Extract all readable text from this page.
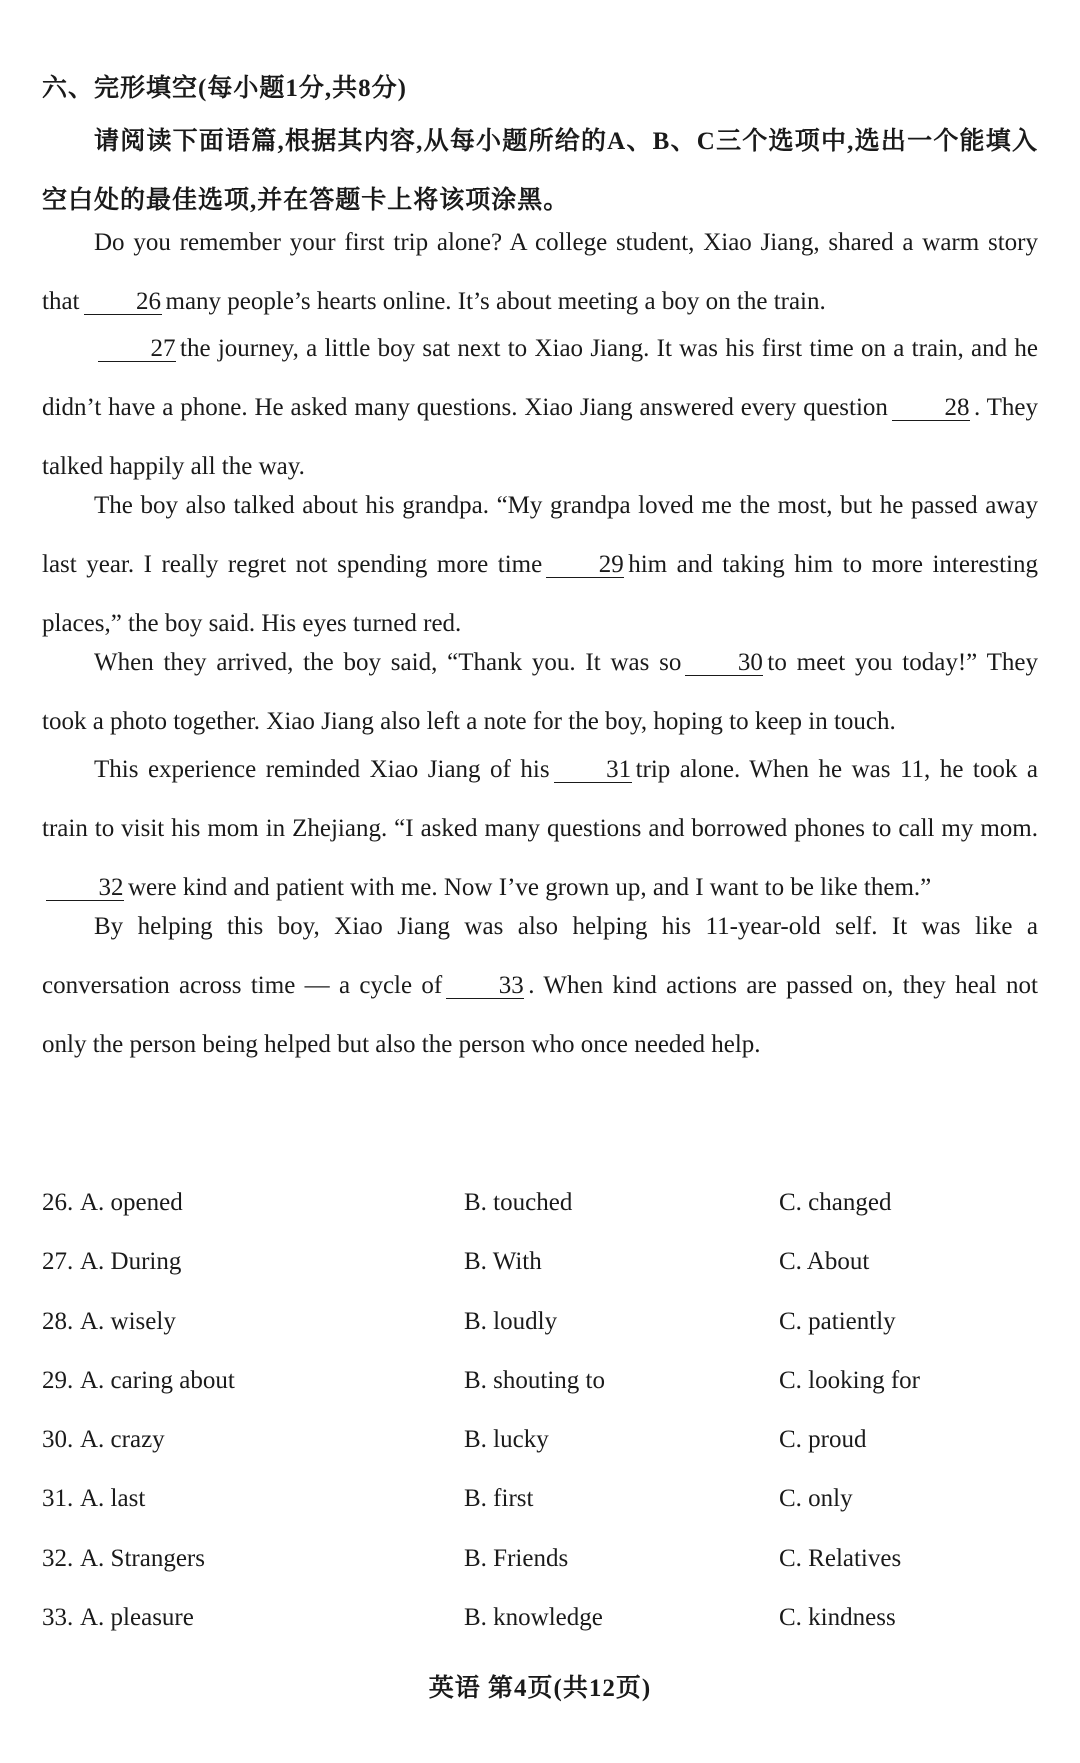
六、完形填空(每小题1分,共8分)

请阅读下面语篇,根据其内容,从每小题所给的A、B、C三个选项中,选出一个能填入空白处的最佳选项,并在答题卡上将该项涂黑。

Do you remember your first trip alone? A college student, Xiao Jiang, shared a warm story that 26 many people’s hearts online. It’s about meeting a boy on the train.

27 the journey, a little boy sat next to Xiao Jiang. It was his first time on a train, and he didn’t have a phone. He asked many questions. Xiao Jiang answered every question 28 . They talked happily all the way.

The boy also talked about his grandpa. “My grandpa loved me the most, but he passed away last year. I really regret not spending more time 29 him and taking him to more interesting places,” the boy said. His eyes turned red.

When they arrived, the boy said, “Thank you. It was so 30 to meet you today!” They took a photo together. Xiao Jiang also left a note for the boy, hoping to keep in touch.

This experience reminded Xiao Jiang of his 31 trip alone. When he was 11, he took a train to visit his mom in Zhejiang. “I asked many questions and borrowed phones to call my mom.32 were kind and patient with me. Now I’ve grown up, and I want to be like them.”

By helping this boy, Xiao Jiang was also helping his 11-year-old self. It was like a conversation across time — a cycle of 33 . When kind actions are passed on, they heal not only the person being helped but also the person who once needed help.

26. A. opened	B. touched	C. changed
27. A. During	B. With	C. About
28. A. wisely	B. loudly	C. patiently
29. A. caring about	B. shouting to	C. looking for
30. A. crazy	B. lucky	C. proud
31. A. last	B. first	C. only
32. A. Strangers	B. Friends	C. Relatives
33. A. pleasure	B. knowledge	C. kindness
英语 第4页(共12页)
